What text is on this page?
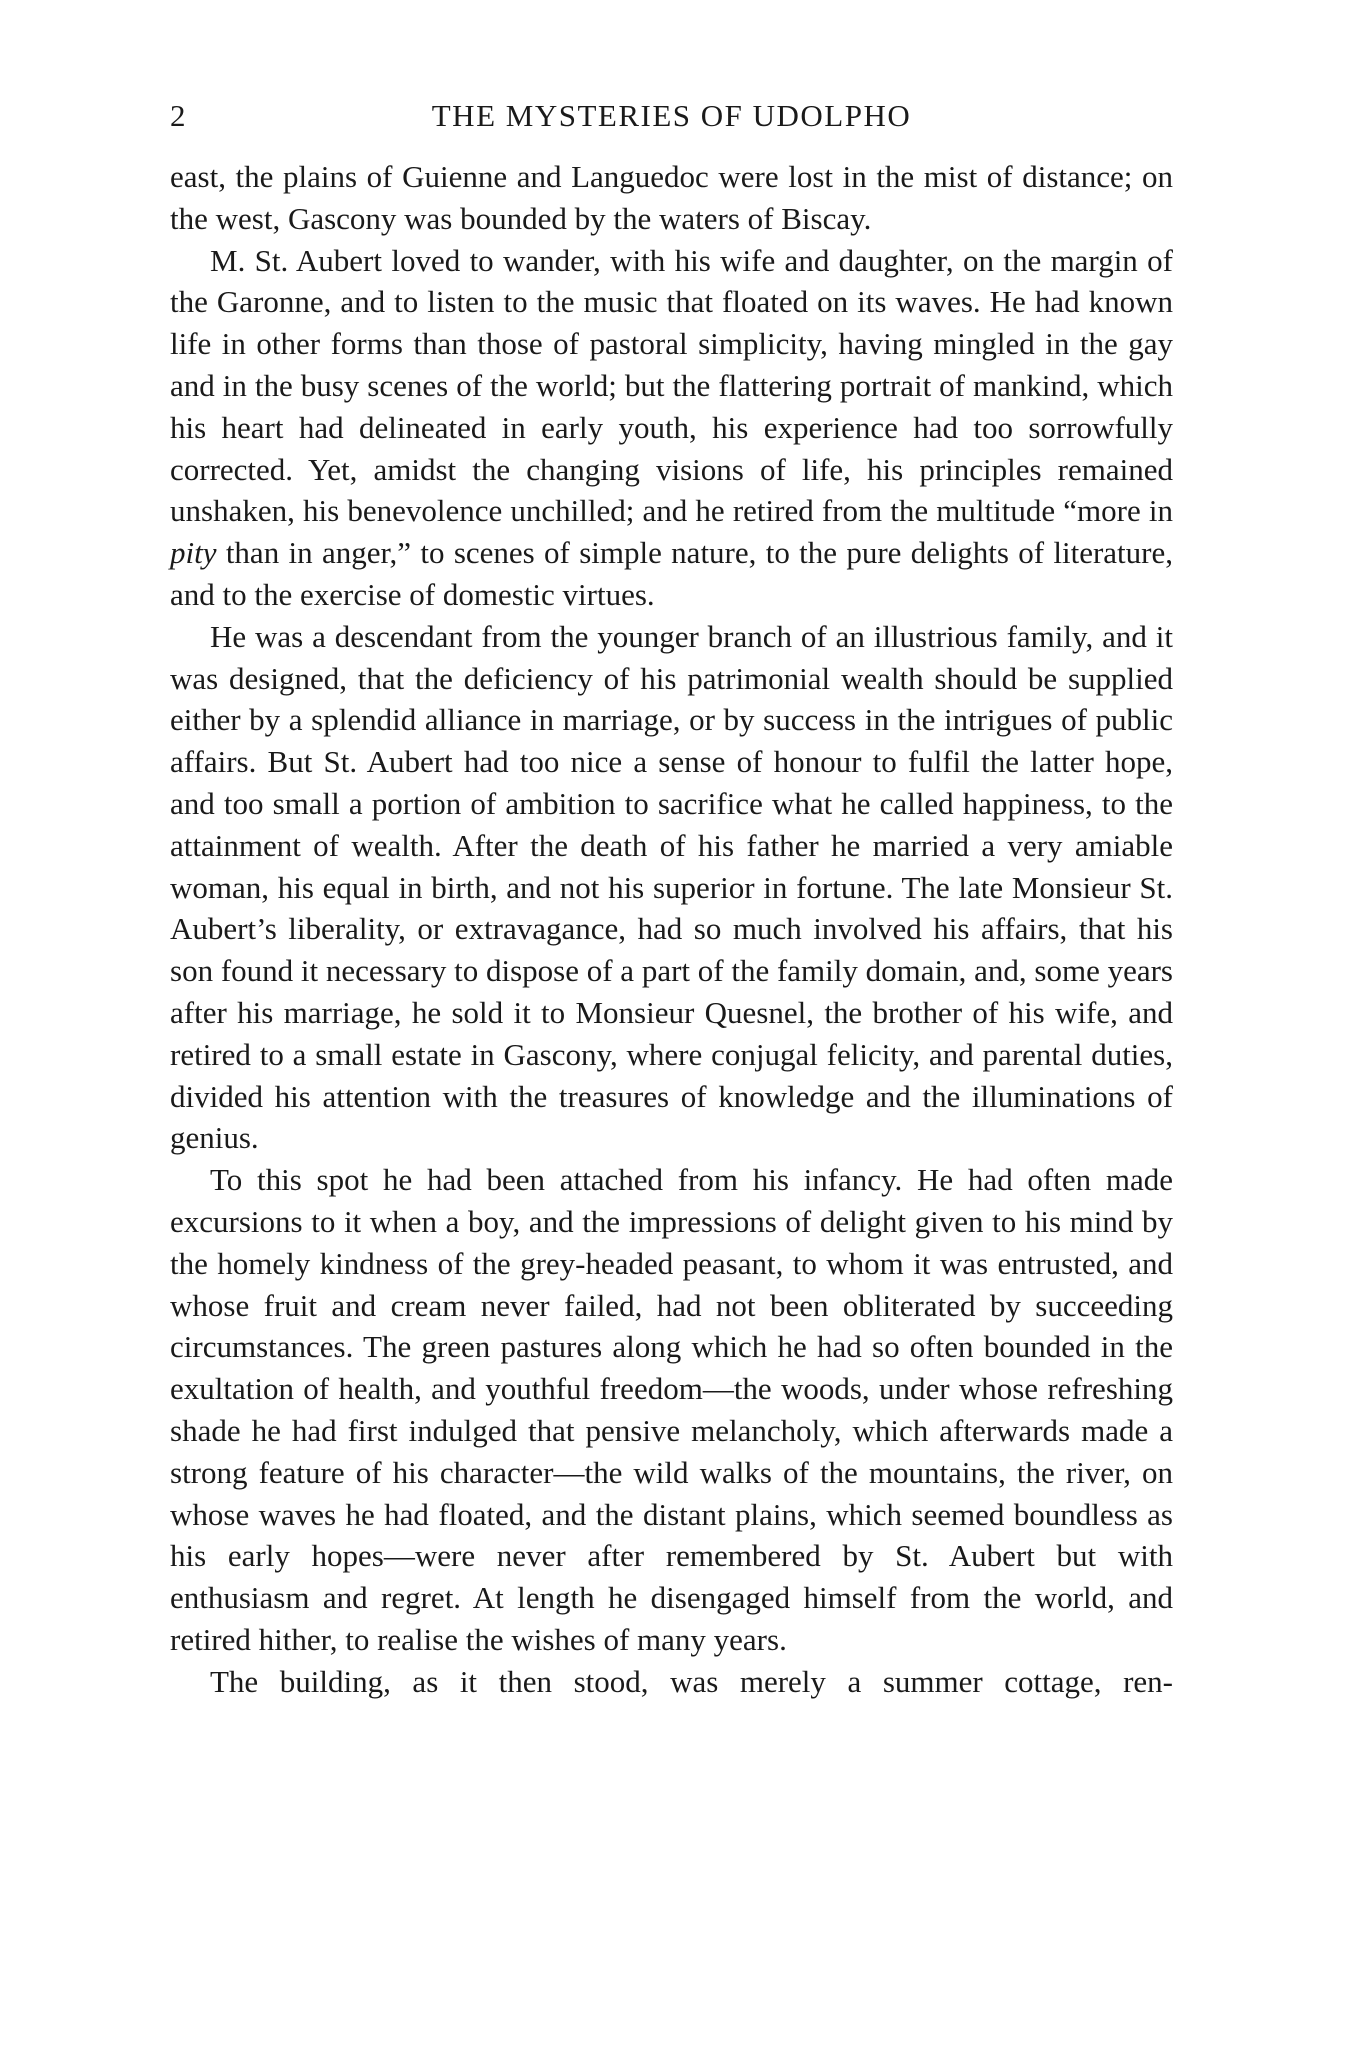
2	THE MYSTERIES OF UDOLPHO

east, the plains of Guienne and Languedoc were lost in the mist of distance; on the west, Gascony was bounded by the waters of Biscay.

M. St. Aubert loved to wander, with his wife and daughter, on the margin of the Garonne, and to listen to the music that floated on its waves. He had known life in other forms than those of pastoral simplicity, having mingled in the gay and in the busy scenes of the world; but the flattering portrait of mankind, which his heart had delineated in early youth, his experience had too sorrowfully corrected. Yet, amidst the changing visions of life, his principles remained unshaken, his benevolence unchilled; and he retired from the multitude “more in pity than in anger,” to scenes of simple nature, to the pure delights of literature, and to the exercise of domestic virtues.

He was a descendant from the younger branch of an illustrious family, and it was designed, that the deficiency of his patrimonial wealth should be supplied either by a splendid alliance in marriage, or by success in the intrigues of public affairs. But St. Aubert had too nice a sense of honour to fulfil the latter hope, and too small a portion of ambition to sacrifice what he called happiness, to the attainment of wealth. After the death of his father he married a very amiable woman, his equal in birth, and not his superior in fortune. The late Monsieur St. Aubert’s liberality, or extravagance, had so much involved his affairs, that his son found it necessary to dispose of a part of the family domain, and, some years after his marriage, he sold it to Monsieur Quesnel, the brother of his wife, and retired to a small estate in Gascony, where conjugal felicity, and parental duties, divided his attention with the treasures of knowledge and the illuminations of genius.

To this spot he had been attached from his infancy. He had often made excursions to it when a boy, and the impressions of delight given to his mind by the homely kindness of the grey-headed peasant, to whom it was entrusted, and whose fruit and cream never failed, had not been obliterated by succeeding circumstances. The green pastures along which he had so often bounded in the exultation of health, and youthful freedom—the woods, under whose refreshing shade he had first indulged that pensive melancholy, which afterwards made a strong feature of his character—the wild walks of the mountains, the river, on whose waves he had floated, and the distant plains, which seemed boundless as his early hopes—were never after remembered by St. Aubert but with enthusiasm and regret. At length he disengaged himself from the world, and retired hither, to realise the wishes of many years.

The building, as it then stood, was merely a summer cottage, ren-
